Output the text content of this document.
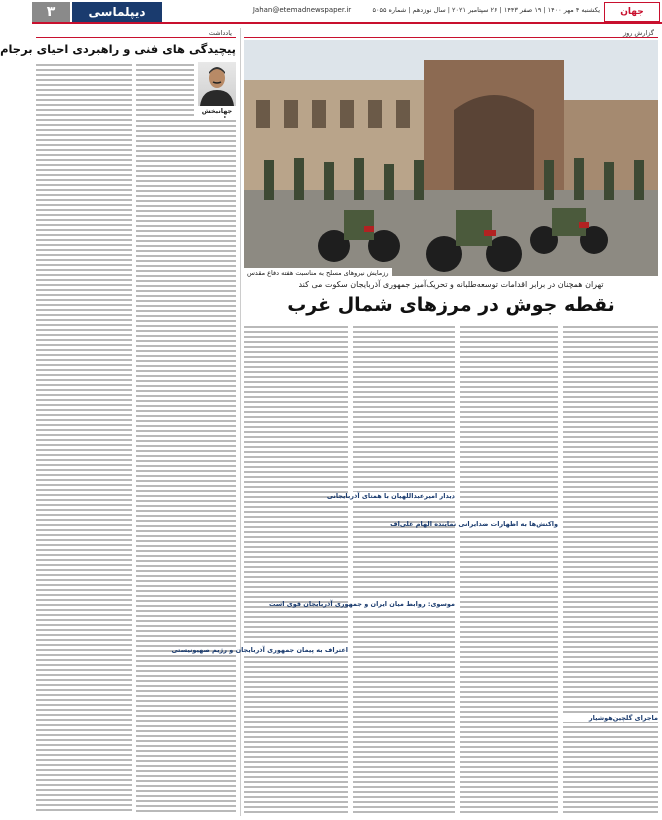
۳	دیپلماسی	Jahan@etemadnewspaper.ir	یکشنبه ۴ مهر ۱۴۰۰ | ۱۹ صفر ۱۴۴۳ | ۲۶ سپتامبر ۲۰۲۱ | سال نوزدهم | شماره ۵۰۵۵	جهان
یادداشت
پیچیدگی های فنی و راهبردی احیای برجام
جهانبخش
گزارش روز
رزمایش نیروهای مسلح به مناسبت هفته دفاع مقدس
تهران همچنان در برابر اقدامات توسعه‌طلبانه و تحریک‌آمیز جمهوری آذربایجان سکوت می کند
نقطه جوش در مرزهای شمال غرب
دیدار امیرعبداللهیان با همتای آذربایجانی
واکنش‌ها به اظهارات ضدایرانی نماینده الهام علی‌اف
موسوی: روابط میان ایران و جمهوری آذربایجان قوی است
اعتراف به پیمان جمهوری آذربایجان و رژیم صهیونیستی
ماجرای گلچین‌هوشیار
